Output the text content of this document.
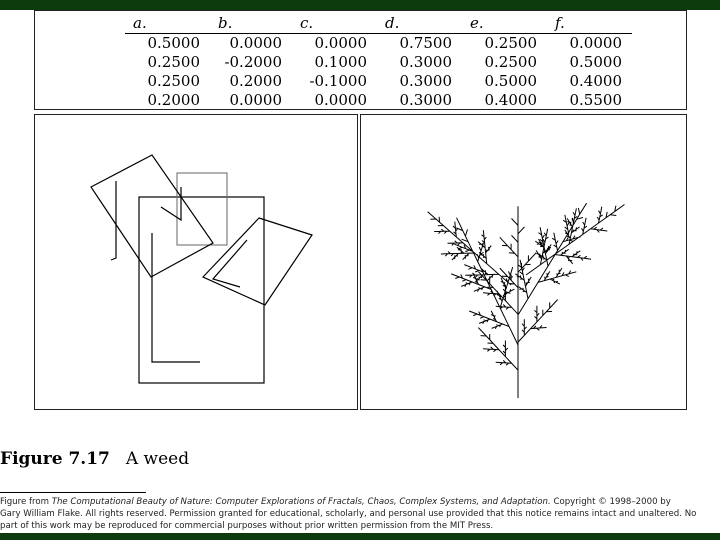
a.	b.	c.	d.	e.	f.
0.5000	0.0000	0.0000	0.7500	0.2500	0.0000
0.2500	-0.2000	0.1000	0.3000	0.2500	0.5000
0.2500	0.2000	-0.1000	0.3000	0.5000	0.4000
0.2000	0.0000	0.0000	0.3000	0.4000	0.5500
Figure 7.17 A weed

Figure from The Computational Beauty of Nature: Computer Explorations of Fractals, Chaos, Complex Systems, and Adaptation. Copyright © 1998–2000 by

Gary William Flake. All rights reserved. Permission granted for educational, scholarly, and personal use provided that this notice remains intact and unaltered. No

part of this work may be reproduced for commercial purposes without prior written permission from the MIT Press.
